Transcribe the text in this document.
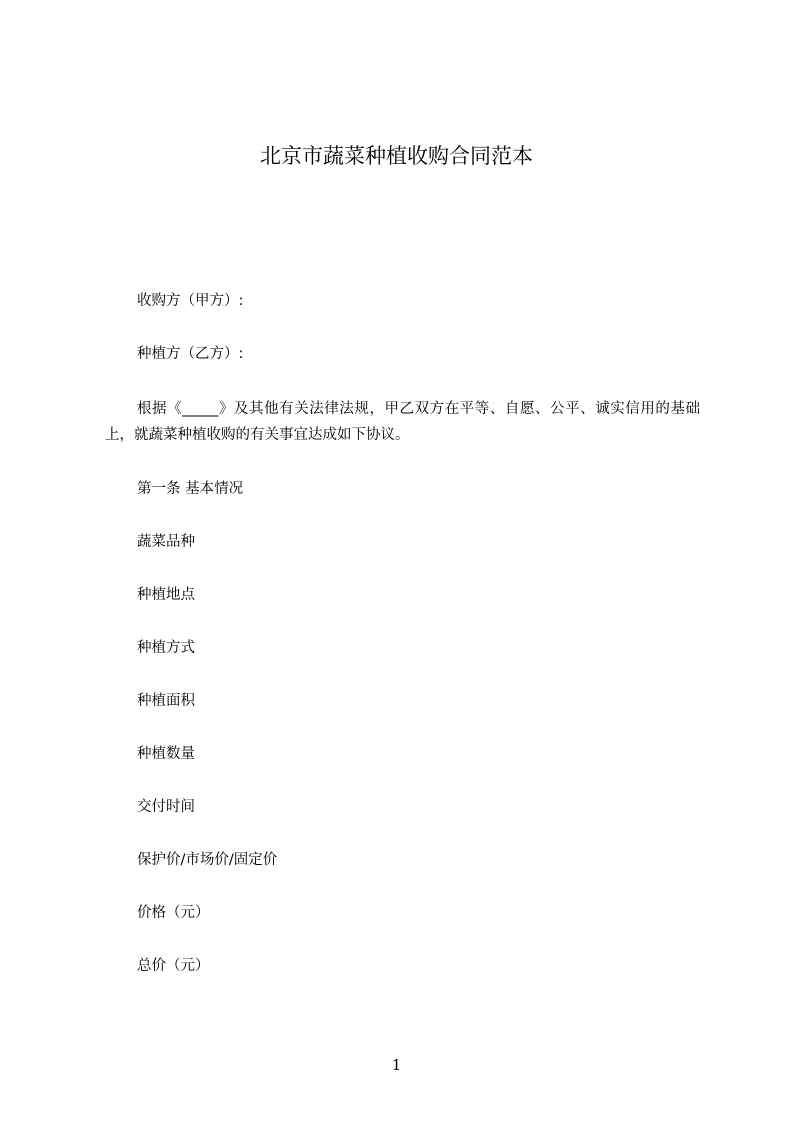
北京市蔬菜种植收购合同范本

收购方（甲方）:

种植方（乙方）:

根据《_____》及其他有关法律法规，甲乙双方在平等、自愿、公平、诚实信用的基础上，就蔬菜种植收购的有关事宜达成如下协议。

第一条 基本情况

蔬菜品种

种植地点

种植方式

种植面积

种植数量

交付时间

保护价/市场价/固定价

价格（元）

总价（元）

1
